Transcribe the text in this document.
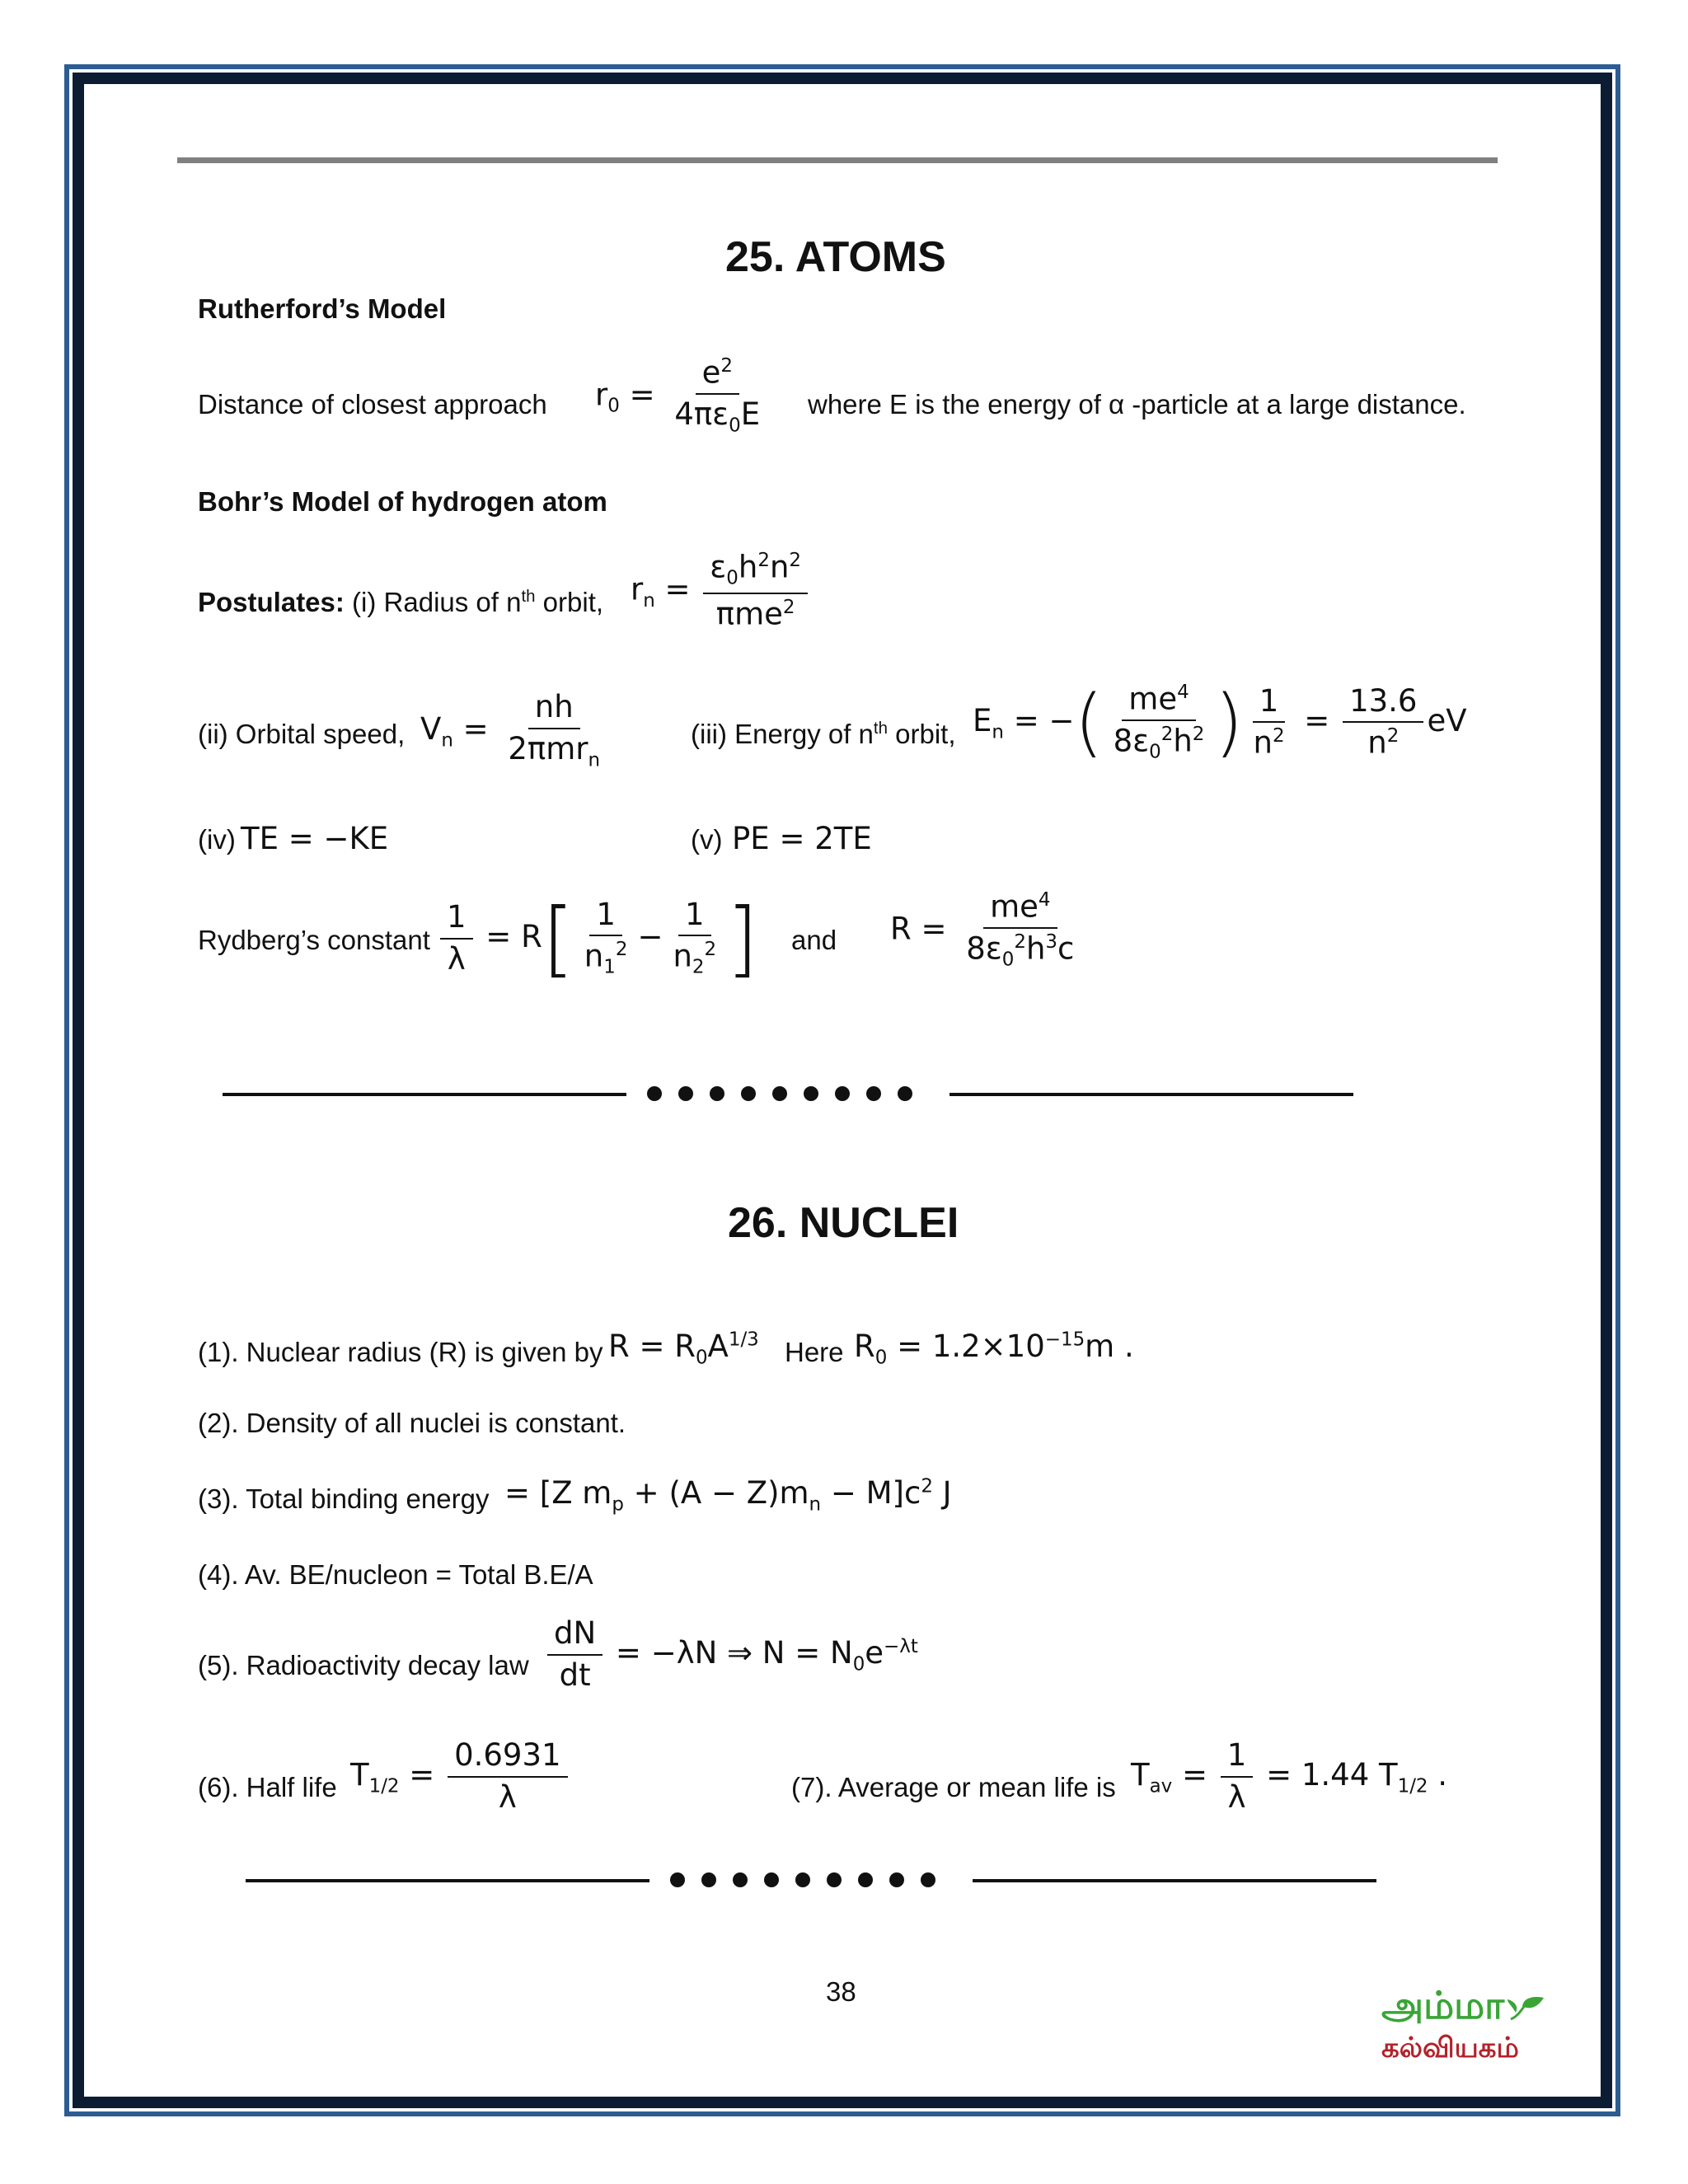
25. ATOMS
Rutherford’s Model
Distance of closest approach $r_0 = \frac{e^2}{4\pi\varepsilon_0E}$ where E is the energy of α -particle at a large distance.
Bohr’s Model of hydrogen atom
Postulates: (i) Radius of $n^{th}$ orbit, $r_n = \frac{\varepsilon_0h^2n^2}{\pi me^2}$
(ii) Orbital speed, $V_n = \frac{nh}{2\pi mr_n}$	(iii) Energy of $n^{th}$ orbit, $E_n$ = −( $\frac{me^4}{8\varepsilon_0^2h^2}$ ) $\frac{1}{n^2} = \frac{13.6}{n^2}$ eV
(iv) TE = −KE	(v) PE = 2TE
Rydberg’s constant $\frac{1}{\lambda} = R[ \frac{1}{n_1^2} - \frac{1}{n_2^2}$ ] and $R = \frac{me^4}{8\varepsilon_0^2h^3c}$
26. NUCLEI
(1). Nuclear radius (R) is given by $R = R_0A^{1/3}$ Here $R_0 = 1.2\times 10^{-15}m$ .
(2). Density of all nuclei is constant.
(3). Total binding energy = [Z $m_p + (A - Z)m_n - M]c^2$ J
(4). Av. BE/nucleon = Total B.E/A
(5). Radioactivity decay law $\frac{dN}{dt} = -\lambda N$ ⇒ $N = N_0e^{-\lambda t}$
(6). Half life $T_{1/2} = \frac{0.6931}{\lambda}$	(7). Average or mean life is $T_{av} = \frac{1}{\lambda} = 1.44$ $T_{1/2}$ .
38	அம்மா
கல்வியகம்
